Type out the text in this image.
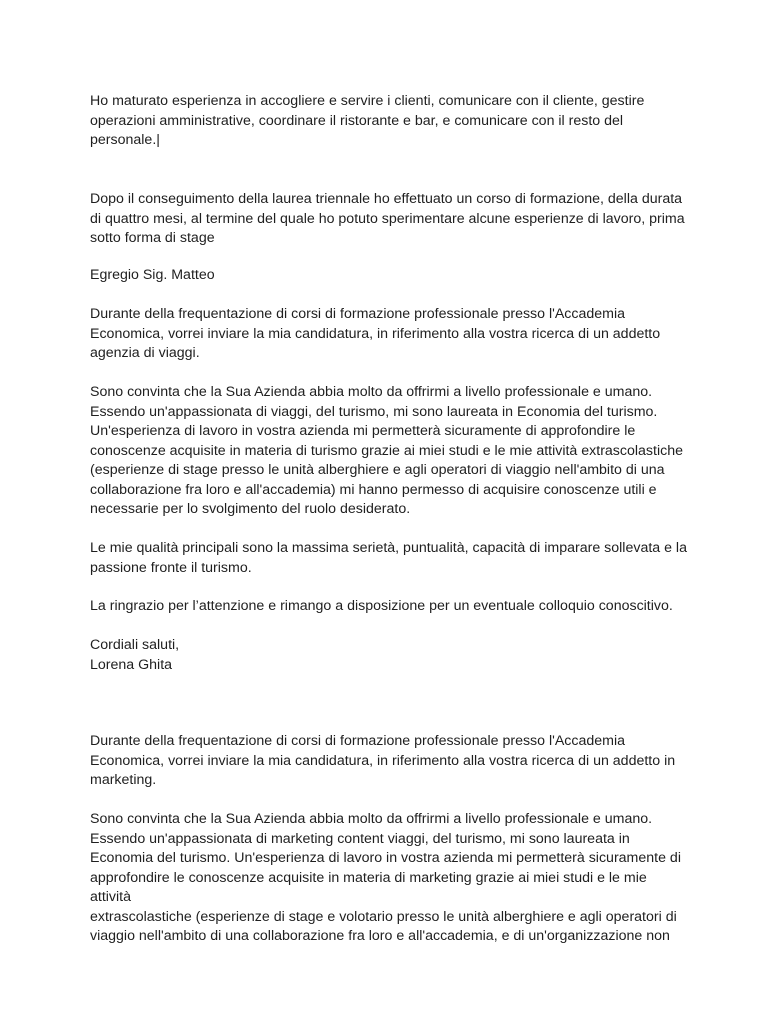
Ho maturato esperienza in accogliere e servire i clienti, comunicare con il cliente, gestire
operazioni amministrative, coordinare il ristorante e bar, e comunicare con il resto del
personale.|

Dopo il conseguimento della laurea triennale ho effettuato un corso di formazione, della durata
di quattro mesi, al termine del quale ho potuto sperimentare alcune esperienze di lavoro, prima
sotto forma di stage

Egregio Sig. Matteo

Durante della frequentazione di corsi di formazione professionale presso l'Accademia
Economica, vorrei inviare la mia candidatura, in riferimento alla vostra ricerca di un addetto
agenzia di viaggi.

Sono convinta che la Sua Azienda abbia molto da offrirmi a livello professionale e umano.
Essendo un'appassionata di viaggi, del turismo, mi sono laureata in Economia del turismo.
Un'esperienza di lavoro in vostra azienda mi permetterà sicuramente di approfondire le
conoscenze acquisite in materia di turismo grazie ai miei studi e le mie attività extrascolastiche
(esperienze di stage presso le unità alberghiere e agli operatori di viaggio nell'ambito di una
collaborazione fra loro e all'accademia) mi hanno permesso di acquisire conoscenze utili e
necessarie per lo svolgimento del ruolo desiderato.

Le mie qualità principali sono la massima serietà, puntualità, capacità di imparare sollevata e la
passione fronte il turismo.

La ringrazio per l’attenzione e rimango a disposizione per un eventuale colloquio conoscitivo.

Cordiali saluti,
Lorena Ghita

Durante della frequentazione di corsi di formazione professionale presso l'Accademia
Economica, vorrei inviare la mia candidatura, in riferimento alla vostra ricerca di un addetto in
marketing.

Sono convinta che la Sua Azienda abbia molto da offrirmi a livello professionale e umano.
Essendo un'appassionata di marketing content viaggi, del turismo, mi sono laureata in
Economia del turismo. Un'esperienza di lavoro in vostra azienda mi permetterà sicuramente di
approfondire le conoscenze acquisite in materia di marketing grazie ai miei studi e le mie attività
extrascolastiche (esperienze di stage e volotario presso le unità alberghiere e agli operatori di
viaggio nell'ambito di una collaborazione fra loro e all'accademia, e di un'organizzazione non
